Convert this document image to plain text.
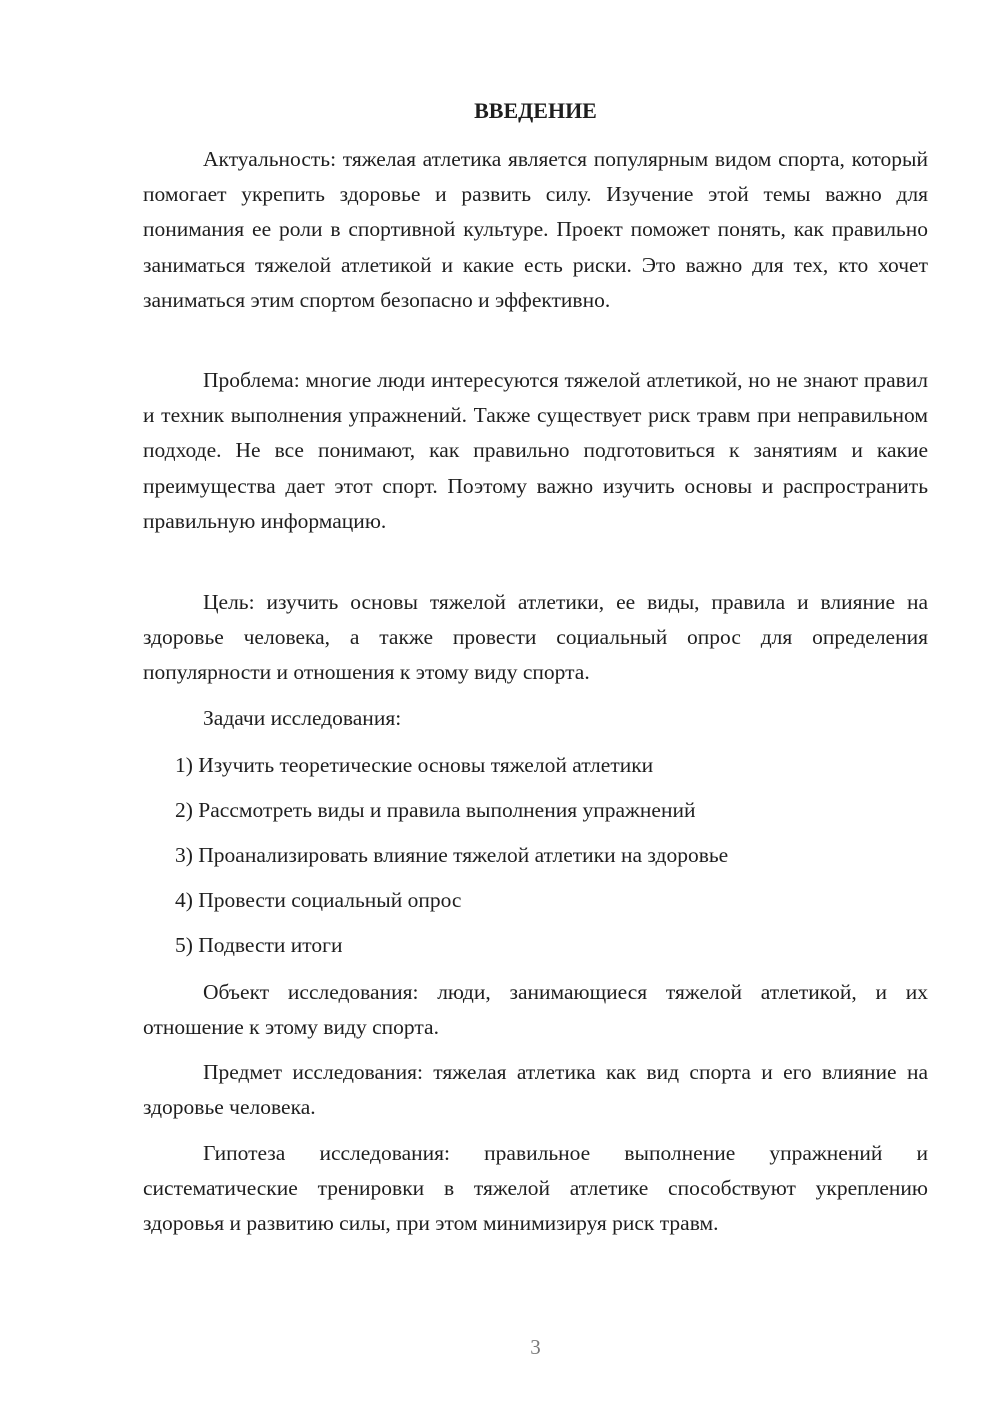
ВВЕДЕНИЕ

Актуальность: тяжелая атлетика является популярным видом спорта, который помогает укрепить здоровье и развить силу. Изучение этой темы важно для понимания ее роли в спортивной культуре. Проект поможет понять, как правильно заниматься тяжелой атлетикой и какие есть риски. Это важно для тех, кто хочет заниматься этим спортом безопасно и эффективно.

Проблема: многие люди интересуются тяжелой атлетикой, но не знают правил и техник выполнения упражнений. Также существует риск травм при неправильном подходе. Не все понимают, как правильно подготовиться к занятиям и какие преимущества дает этот спорт. Поэтому важно изучить основы и распространить правильную информацию.

Цель: изучить основы тяжелой атлетики, ее виды, правила и влияние на здоровье человека, а также провести социальный опрос для определения популярности и отношения к этому виду спорта.

Задачи исследования:

1) Изучить теоретические основы тяжелой атлетики

2) Рассмотреть виды и правила выполнения упражнений

3) Проанализировать влияние тяжелой атлетики на здоровье

4) Провести социальный опрос

5) Подвести итоги

Объект исследования: люди, занимающиеся тяжелой атлетикой, и их отношение к этому виду спорта.

Предмет исследования: тяжелая атлетика как вид спорта и его влияние на здоровье человека.

Гипотеза исследования: правильное выполнение упражнений и систематические тренировки в тяжелой атлетике способствуют укреплению здоровья и развитию силы, при этом минимизируя риск травм.

3
